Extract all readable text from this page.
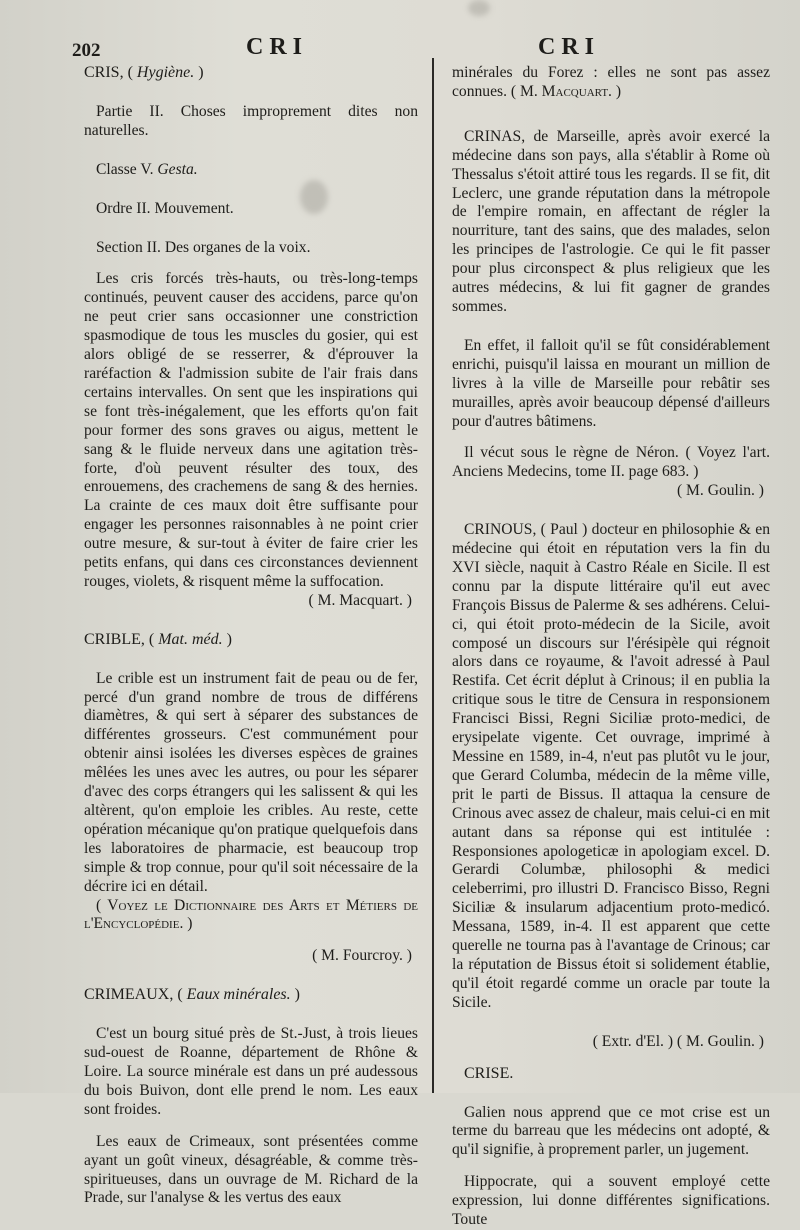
202	CRI	CRI

CRIS, ( Hygiène. )

Partie II. Choses improprement dites non naturelles.

Classe V. Gesta.

Ordre II. Mouvement.

Section II. Des organes de la voix.

Les cris forcés très-hauts, ou très-long-temps continués, peuvent causer des accidens, parce qu'on ne peut crier sans occasionner une constriction spasmodique de tous les muscles du gosier, qui est alors obligé de se resserrer, & d'éprouver la raréfaction & l'admission subite de l'air frais dans certains intervalles. On sent que les inspirations qui se font très-inégalement, que les efforts qu'on fait pour former des sons graves ou aigus, mettent le sang & le fluide nerveux dans une agitation très-forte, d'où peuvent résulter des toux, des enrouemens, des crachemens de sang & des hernies. La crainte de ces maux doit être suffisante pour engager les personnes raisonnables à ne point crier outre mesure, & sur-tout à éviter de faire crier les petits enfans, qui dans ces circonstances deviennent rouges, violets, & risquent même la suffocation.

( M. Macquart. )

CRIBLE, ( Mat. méd. )

Le crible est un instrument fait de peau ou de fer, percé d'un grand nombre de trous de différens diamètres, & qui sert à séparer des substances de différentes grosseurs. C'est communément pour obtenir ainsi isolées les diverses espèces de graines mêlées les unes avec les autres, ou pour les séparer d'avec des corps étrangers qui les salissent & qui les altèrent, qu'on emploie les cribles. Au reste, cette opération mécanique qu'on pratique quelquefois dans les laboratoires de pharmacie, est beaucoup trop simple & trop connue, pour qu'il soit nécessaire de la décrire ici en détail.

( Voyez le Dictionnaire des Arts et Métiers de l'Encyclopédie. )

( M. Fourcroy. )

CRIMEAUX, ( Eaux minérales. )

C'est un bourg situé près de St.-Just, à trois lieues sud-ouest de Roanne, département de Rhône & Loire. La source minérale est dans un pré audessous du bois Buivon, dont elle prend le nom. Les eaux sont froides.

Les eaux de Crimeaux, sont présentées comme ayant un goût vineux, désagréable, & comme très-spiritueuses, dans un ouvrage de M. Richard de la Prade, sur l'analyse & les vertus des eaux

minérales du Forez : elles ne sont pas assez connues. ( M. Macquart. )

CRINAS, de Marseille, après avoir exercé la médecine dans son pays, alla s'établir à Rome où Thessalus s'étoit attiré tous les regards. Il se fit, dit Leclerc, une grande réputation dans la métropole de l'empire romain, en affectant de régler la nourriture, tant des sains, que des malades, selon les principes de l'astrologie. Ce qui le fit passer pour plus circonspect & plus religieux que les autres médecins, & lui fit gagner de grandes sommes.

En effet, il falloit qu'il se fût considérablement enrichi, puisqu'il laissa en mourant un million de livres à la ville de Marseille pour rebâtir ses murailles, après avoir beaucoup dépensé d'ailleurs pour d'autres bâtimens.

Il vécut sous le règne de Néron. ( Voyez l'art. Anciens Medecins, tome II. page 683. )

( M. Goulin. )

CRINOUS, ( Paul ) docteur en philosophie & en médecine qui étoit en réputation vers la fin du XVI siècle, naquit à Castro Réale en Sicile. Il est connu par la dispute littéraire qu'il eut avec François Bissus de Palerme & ses adhérens. Celui-ci, qui étoit proto-médecin de la Sicile, avoit composé un discours sur l'érésipèle qui régnoit alors dans ce royaume, & l'avoit adressé à Paul Restifa. Cet écrit déplut à Crinous; il en publia la critique sous le titre de Censura in responsionem Francisci Bissi, Regni Siciliæ proto-medici, de erysipelate vigente. Cet ouvrage, imprimé à Messine en 1589, in-4, n'eut pas plutôt vu le jour, que Gerard Columba, médecin de la même ville, prit le parti de Bissus. Il attaqua la censure de Crinous avec assez de chaleur, mais celui-ci en mit autant dans sa réponse qui est intitulée : Responsiones apologeticæ in apologiam excel. D. Gerardi Columbæ, philosophi & medici celeberrimi, pro illustri D. Francisco Bisso, Regni Siciliæ & insularum adjacentium proto-medicó. Messana, 1589, in-4. Il est apparent que cette querelle ne tourna pas à l'avantage de Crinous; car la réputation de Bissus étoit si solidement établie, qu'il étoit regardé comme un oracle par toute la Sicile.

( Extr. d'El. ) ( M. Goulin. )

CRISE.

Galien nous apprend que ce mot crise est un terme du barreau que les médecins ont adopté, & qu'il signifie, à proprement parler, un jugement.

Hippocrate, qui a souvent employé cette expression, lui donne différentes significations. Toute
